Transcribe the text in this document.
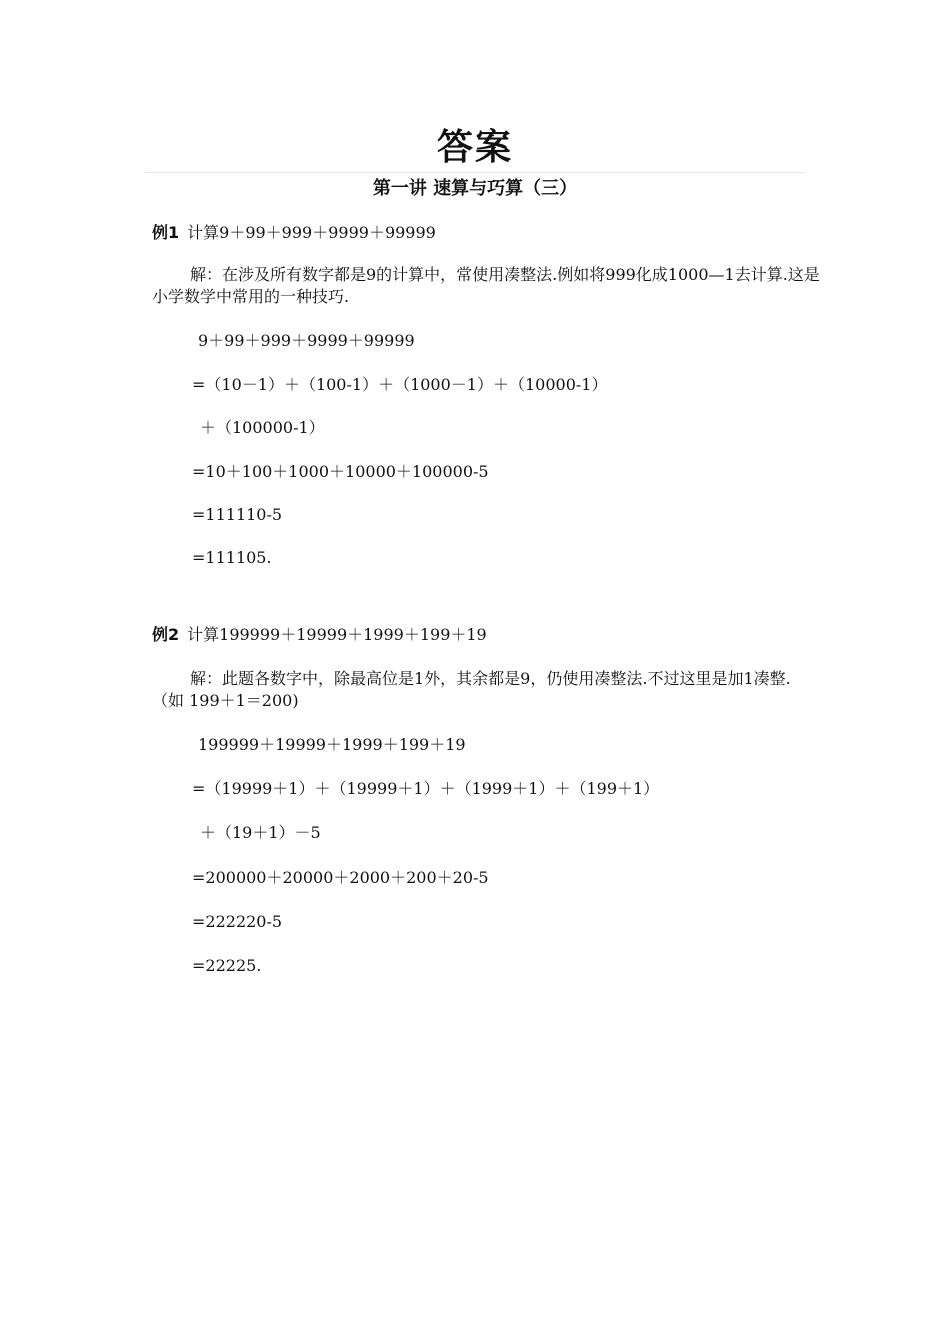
答案
第一讲 速算与巧算（三）
例1 计算9＋99＋999＋9999＋99999
解：在涉及所有数字都是9的计算中，常使用凑整法.例如将999化成1000—1去计算.这是小学数学中常用的一种技巧.
9＋99＋999＋9999＋99999
=（10－1）＋（100-1）＋（1000－1）＋（10000-1）
＋（100000-1）
=10＋100＋1000＋10000＋100000-5
=111110-5
=111105.
例2 计算199999＋19999＋1999＋199＋19
解：此题各数字中，除最高位是1外，其余都是9，仍使用凑整法.不过这里是加1凑整.（如 199＋1＝200)
199999＋19999＋1999＋199＋19
=（19999＋1）＋（19999＋1）＋（1999＋1）＋（199＋1）
＋（19＋1）－5
=200000＋20000＋2000＋200＋20-5
=222220-5
=22225.
